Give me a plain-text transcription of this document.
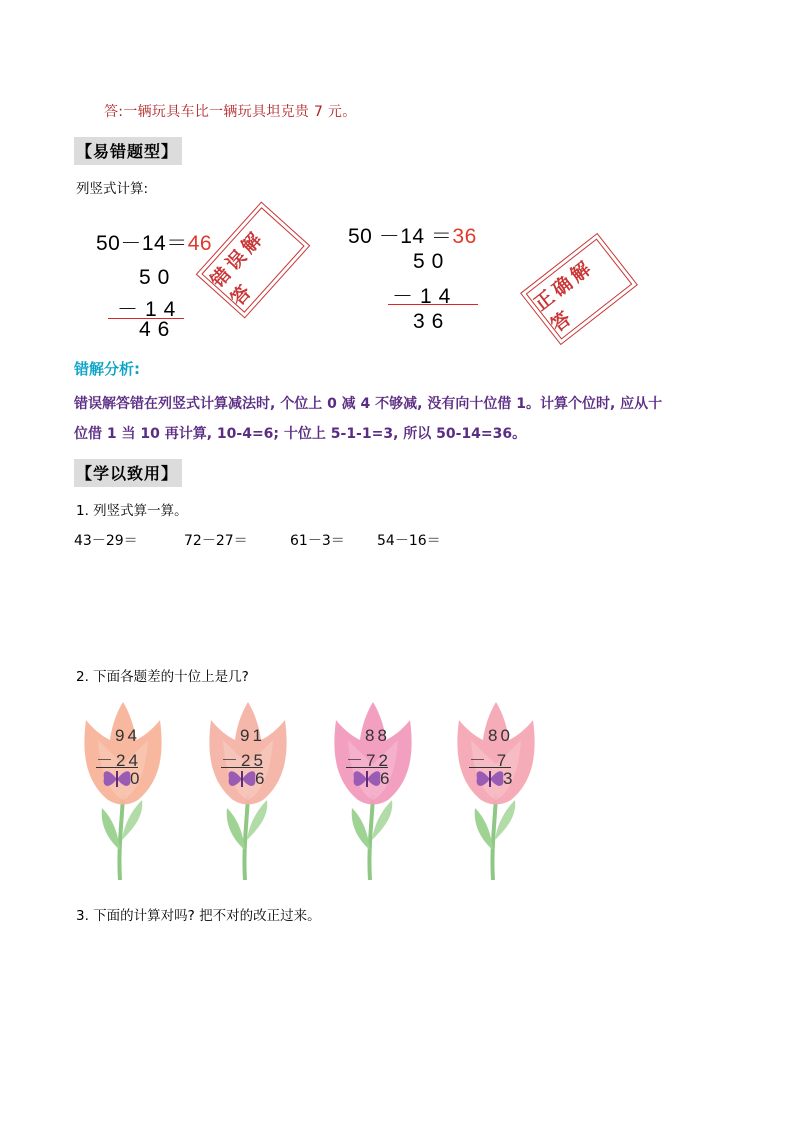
答:一辆玩具车比一辆玩具坦克贵 7 元。
【易错题型】
列竖式计算:
50－14＝46
50
－14
46
错误解答
50 －14 ＝36
50
－14
36
正确解答
错解分析:
错误解答错在列竖式计算减法时, 个位上 0 减 4 不够减, 没有向十位借 1。计算个位时, 应从十
位借 1 当 10 再计算, 10-4=6; 十位上 5-1-1=3, 所以 50-14=36。
【学以致用】
1. 列竖式算一算。
43－29＝	72－27＝	61－3＝ 54－16＝
2. 下面各题差的十位上是几?
94
－24
0
91
－25
6
88
－72
6
80
－ 7
3
3. 下面的计算对吗? 把不对的改正过来。
